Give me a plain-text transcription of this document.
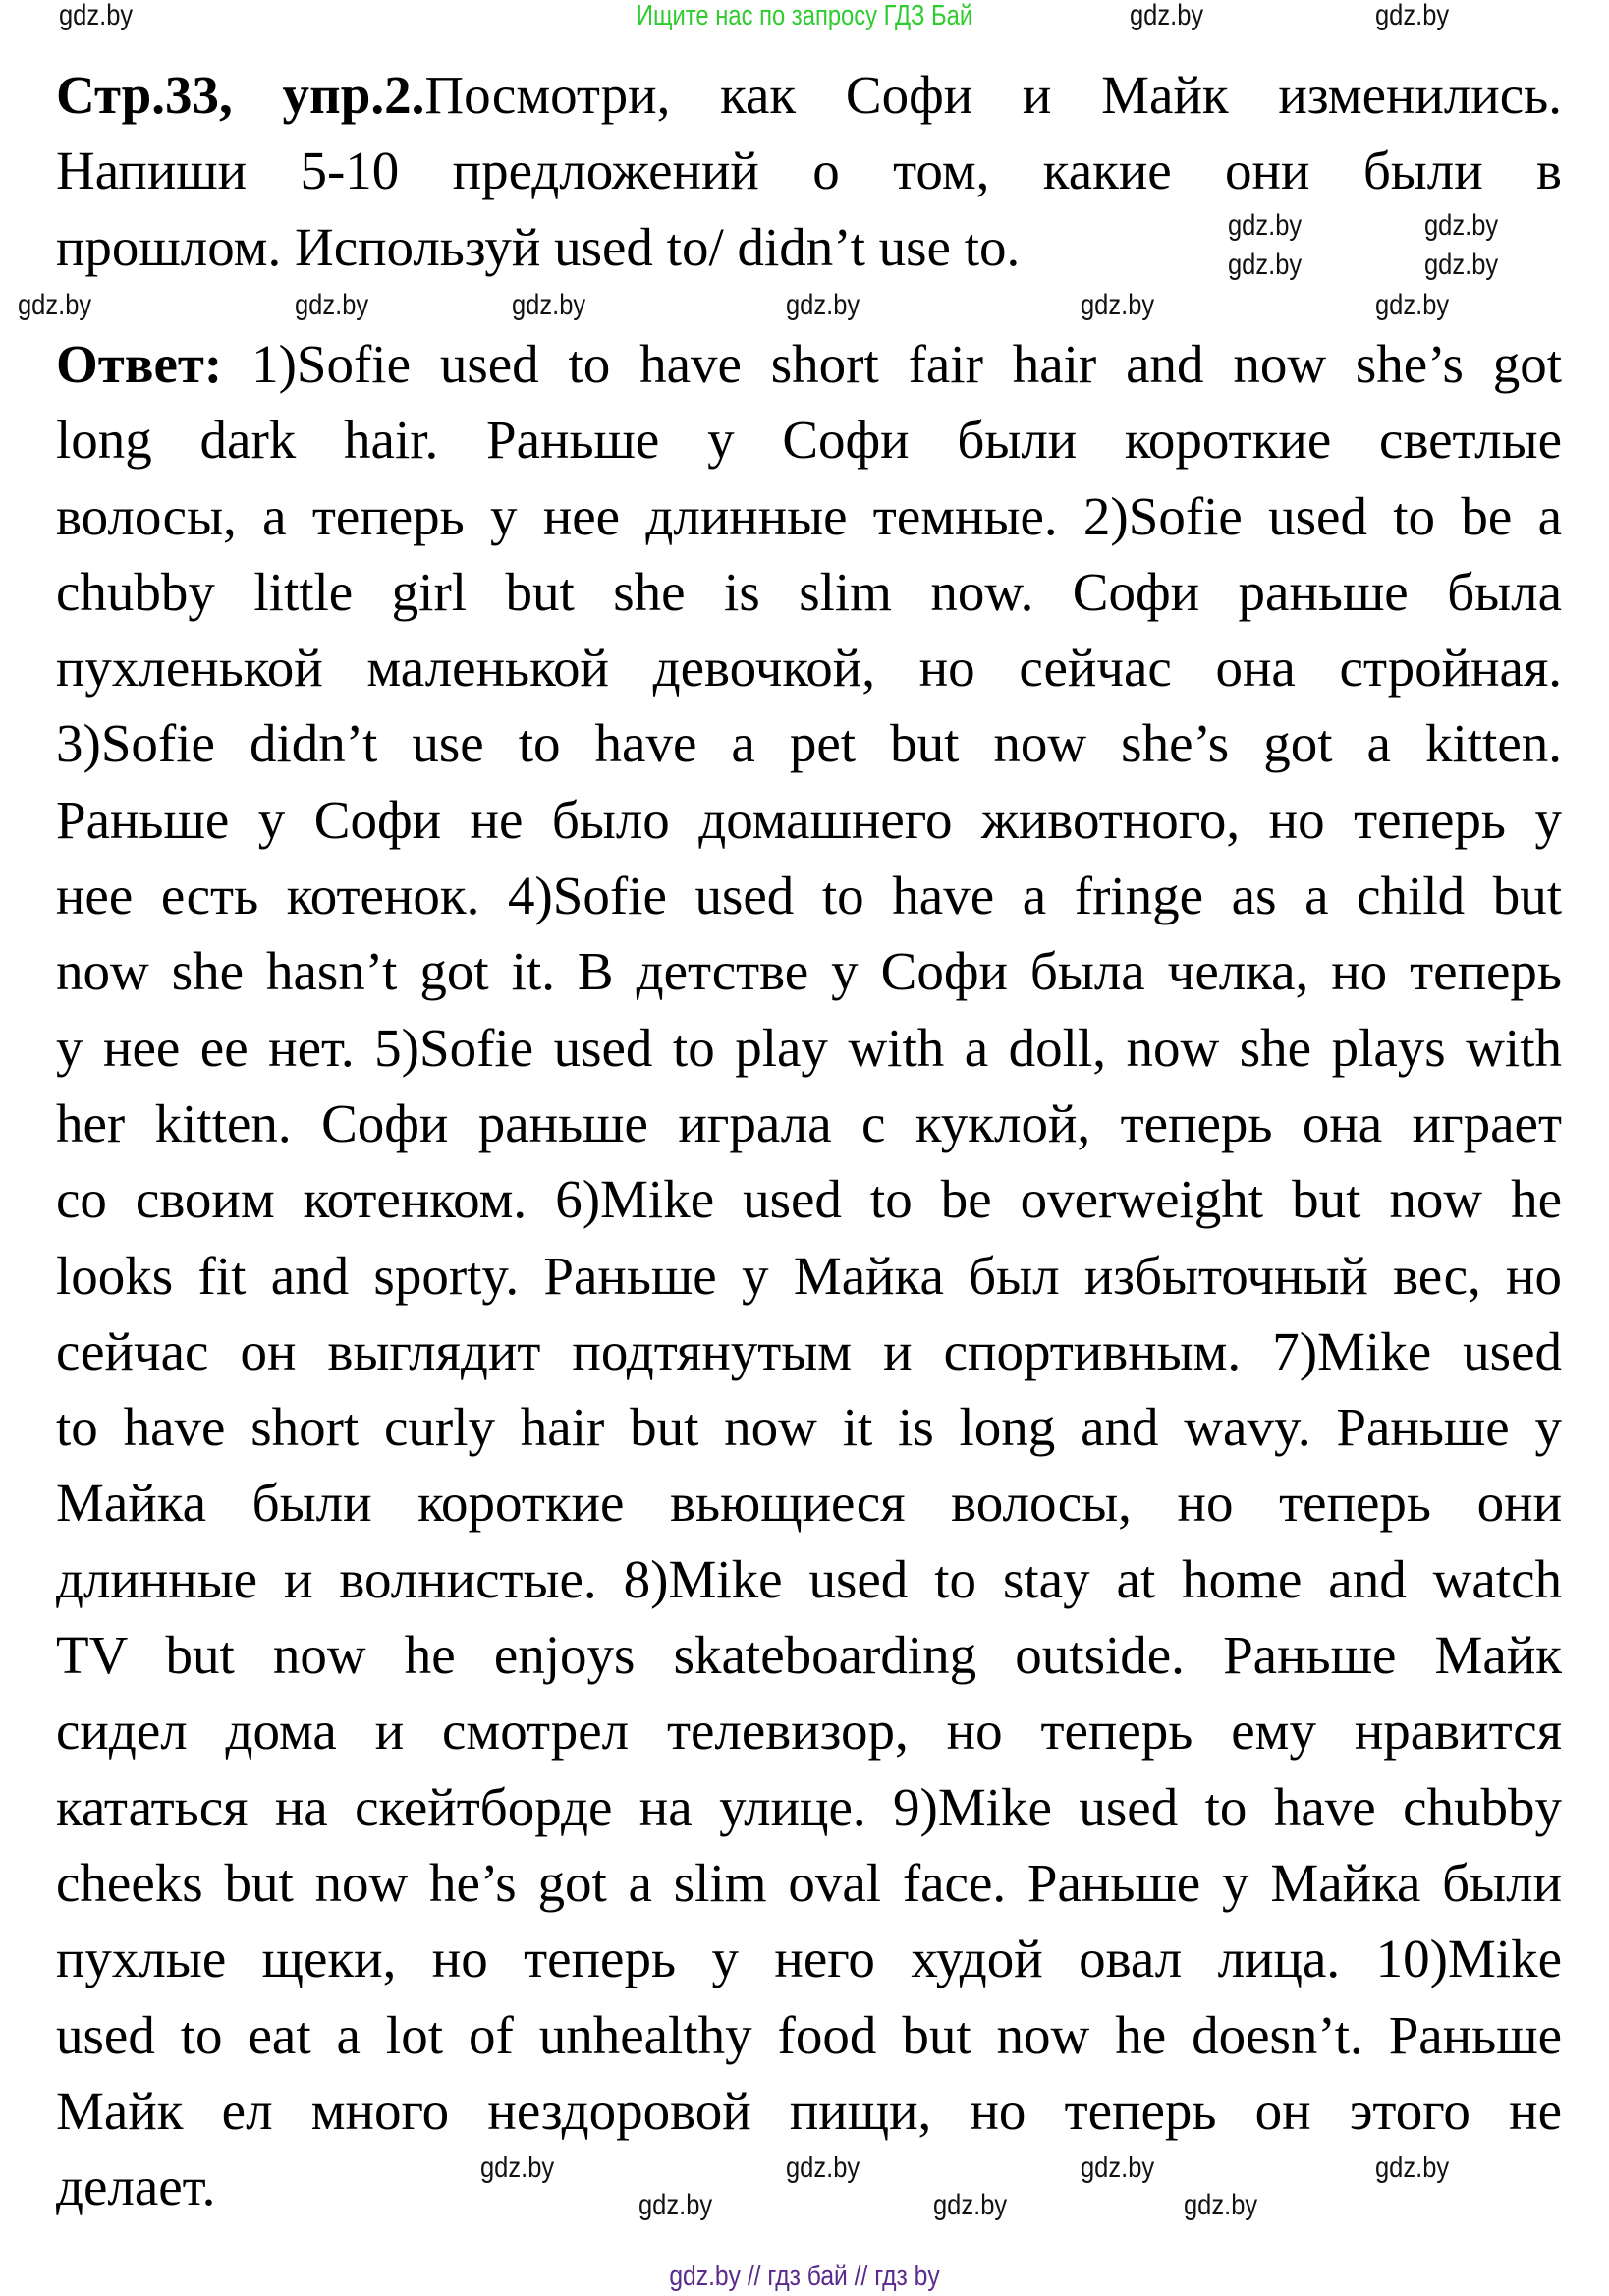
Ищите нас по запросу ГДЗ Бай
Стр.33, упр.2.Посмотри, как Софи и Майк изменились.
Напиши 5-10 предложений о том, какие они были в
прошлом. Используй used to/ didn’t use to.
Ответ: 1)Sofie used to have short fair hair and now she’s got
long dark hair. Раньше у Софи были короткие светлые
волосы, а теперь у нее длинные темные. 2)Sofie used to be a
chubby little girl but she is slim now. Софи раньше была
пухленькой маленькой девочкой, но сейчас она стройная.
3)Sofie didn’t use to have a pet but now she’s got a kitten.
Раньше у Софи не было домашнего животного, но теперь у
нее есть котенок. 4)Sofie used to have a fringe as a child but
now she hasn’t got it. В детстве у Софи была челка, но теперь
у нее ее нет. 5)Sofie used to play with a doll, now she plays with
her kitten. Софи раньше играла с куклой, теперь она играет
со своим котенком. 6)Mike used to be overweight but now he
looks fit and sporty. Раньше у Майка был избыточный вес, но
сейчас он выглядит подтянутым и спортивным. 7)Mike used
to have short curly hair but now it is long and wavy. Раньше у
Майка были короткие вьющиеся волосы, но теперь они
длинные и волнистые. 8)Mike used to stay at home and watch
TV but now he enjoys skateboarding outside. Раньше Майк
сидел дома и смотрел телевизор, но теперь ему нравится
кататься на скейтборде на улице. 9)Mike used to have chubby
cheeks but now he’s got a slim oval face. Раньше у Майка были
пухлые щеки, но теперь у него худой овал лица. 10)Mike
used to eat a lot of unhealthy food but now he doesn’t. Раньше
Майк ел много нездоровой пищи, но теперь он этого не
делает.
gdz.by	gdz.by	gdz.by
gdz.by	gdz.by
gdz.by	gdz.by
gdz.by	gdz.by	gdz.by	gdz.by	gdz.by	gdz.by
gdz.by	gdz.by	gdz.by	gdz.by
gdz.by	gdz.by	gdz.by
gdz.by // гдз бай // гдз by
